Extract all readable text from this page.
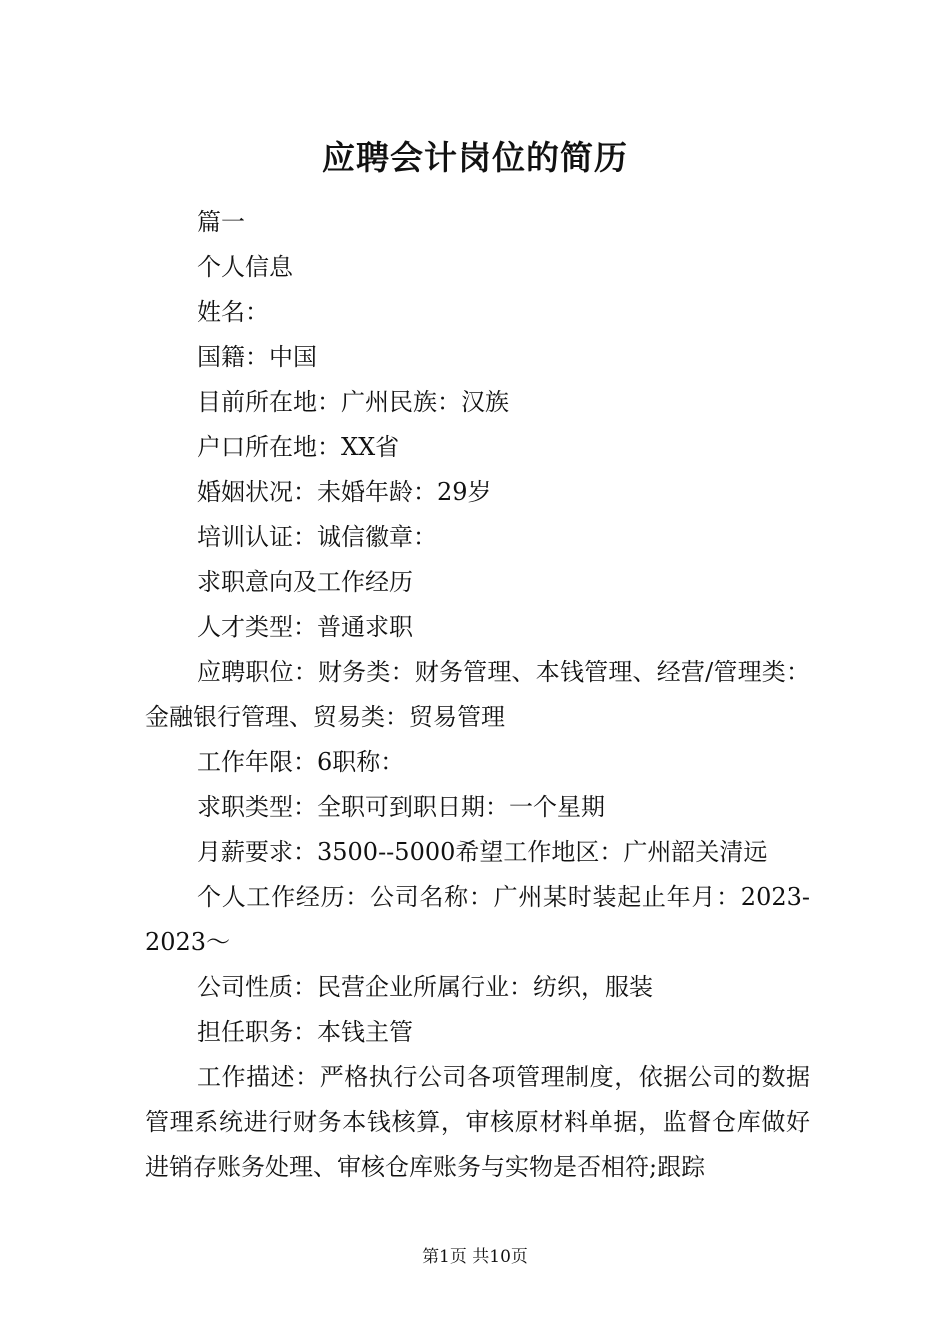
应聘会计岗位的简历

篇一

个人信息

姓名：

国籍：中国

目前所在地：广州民族：汉族

户口所在地：XX省

婚姻状况：未婚年龄：29岁

培训认证：诚信徽章：

求职意向及工作经历

人才类型：普通求职

应聘职位：财务类：财务管理、本钱管理、经营/管理类：金融银行管理、贸易类：贸易管理

工作年限：6职称：

求职类型：全职可到职日期：一个星期

月薪要求：3500--5000希望工作地区：广州韶关清远

个人工作经历：公司名称：广州某时装起止年月：2023-2023～

公司性质：民营企业所属行业：纺织，服装

担任职务：本钱主管

工作描述：严格执行公司各项管理制度，依据公司的数据管理系统进行财务本钱核算，审核原材料单据，监督仓库做好进销存账务处理、审核仓库账务与实物是否相符;跟踪

第1页 共10页
